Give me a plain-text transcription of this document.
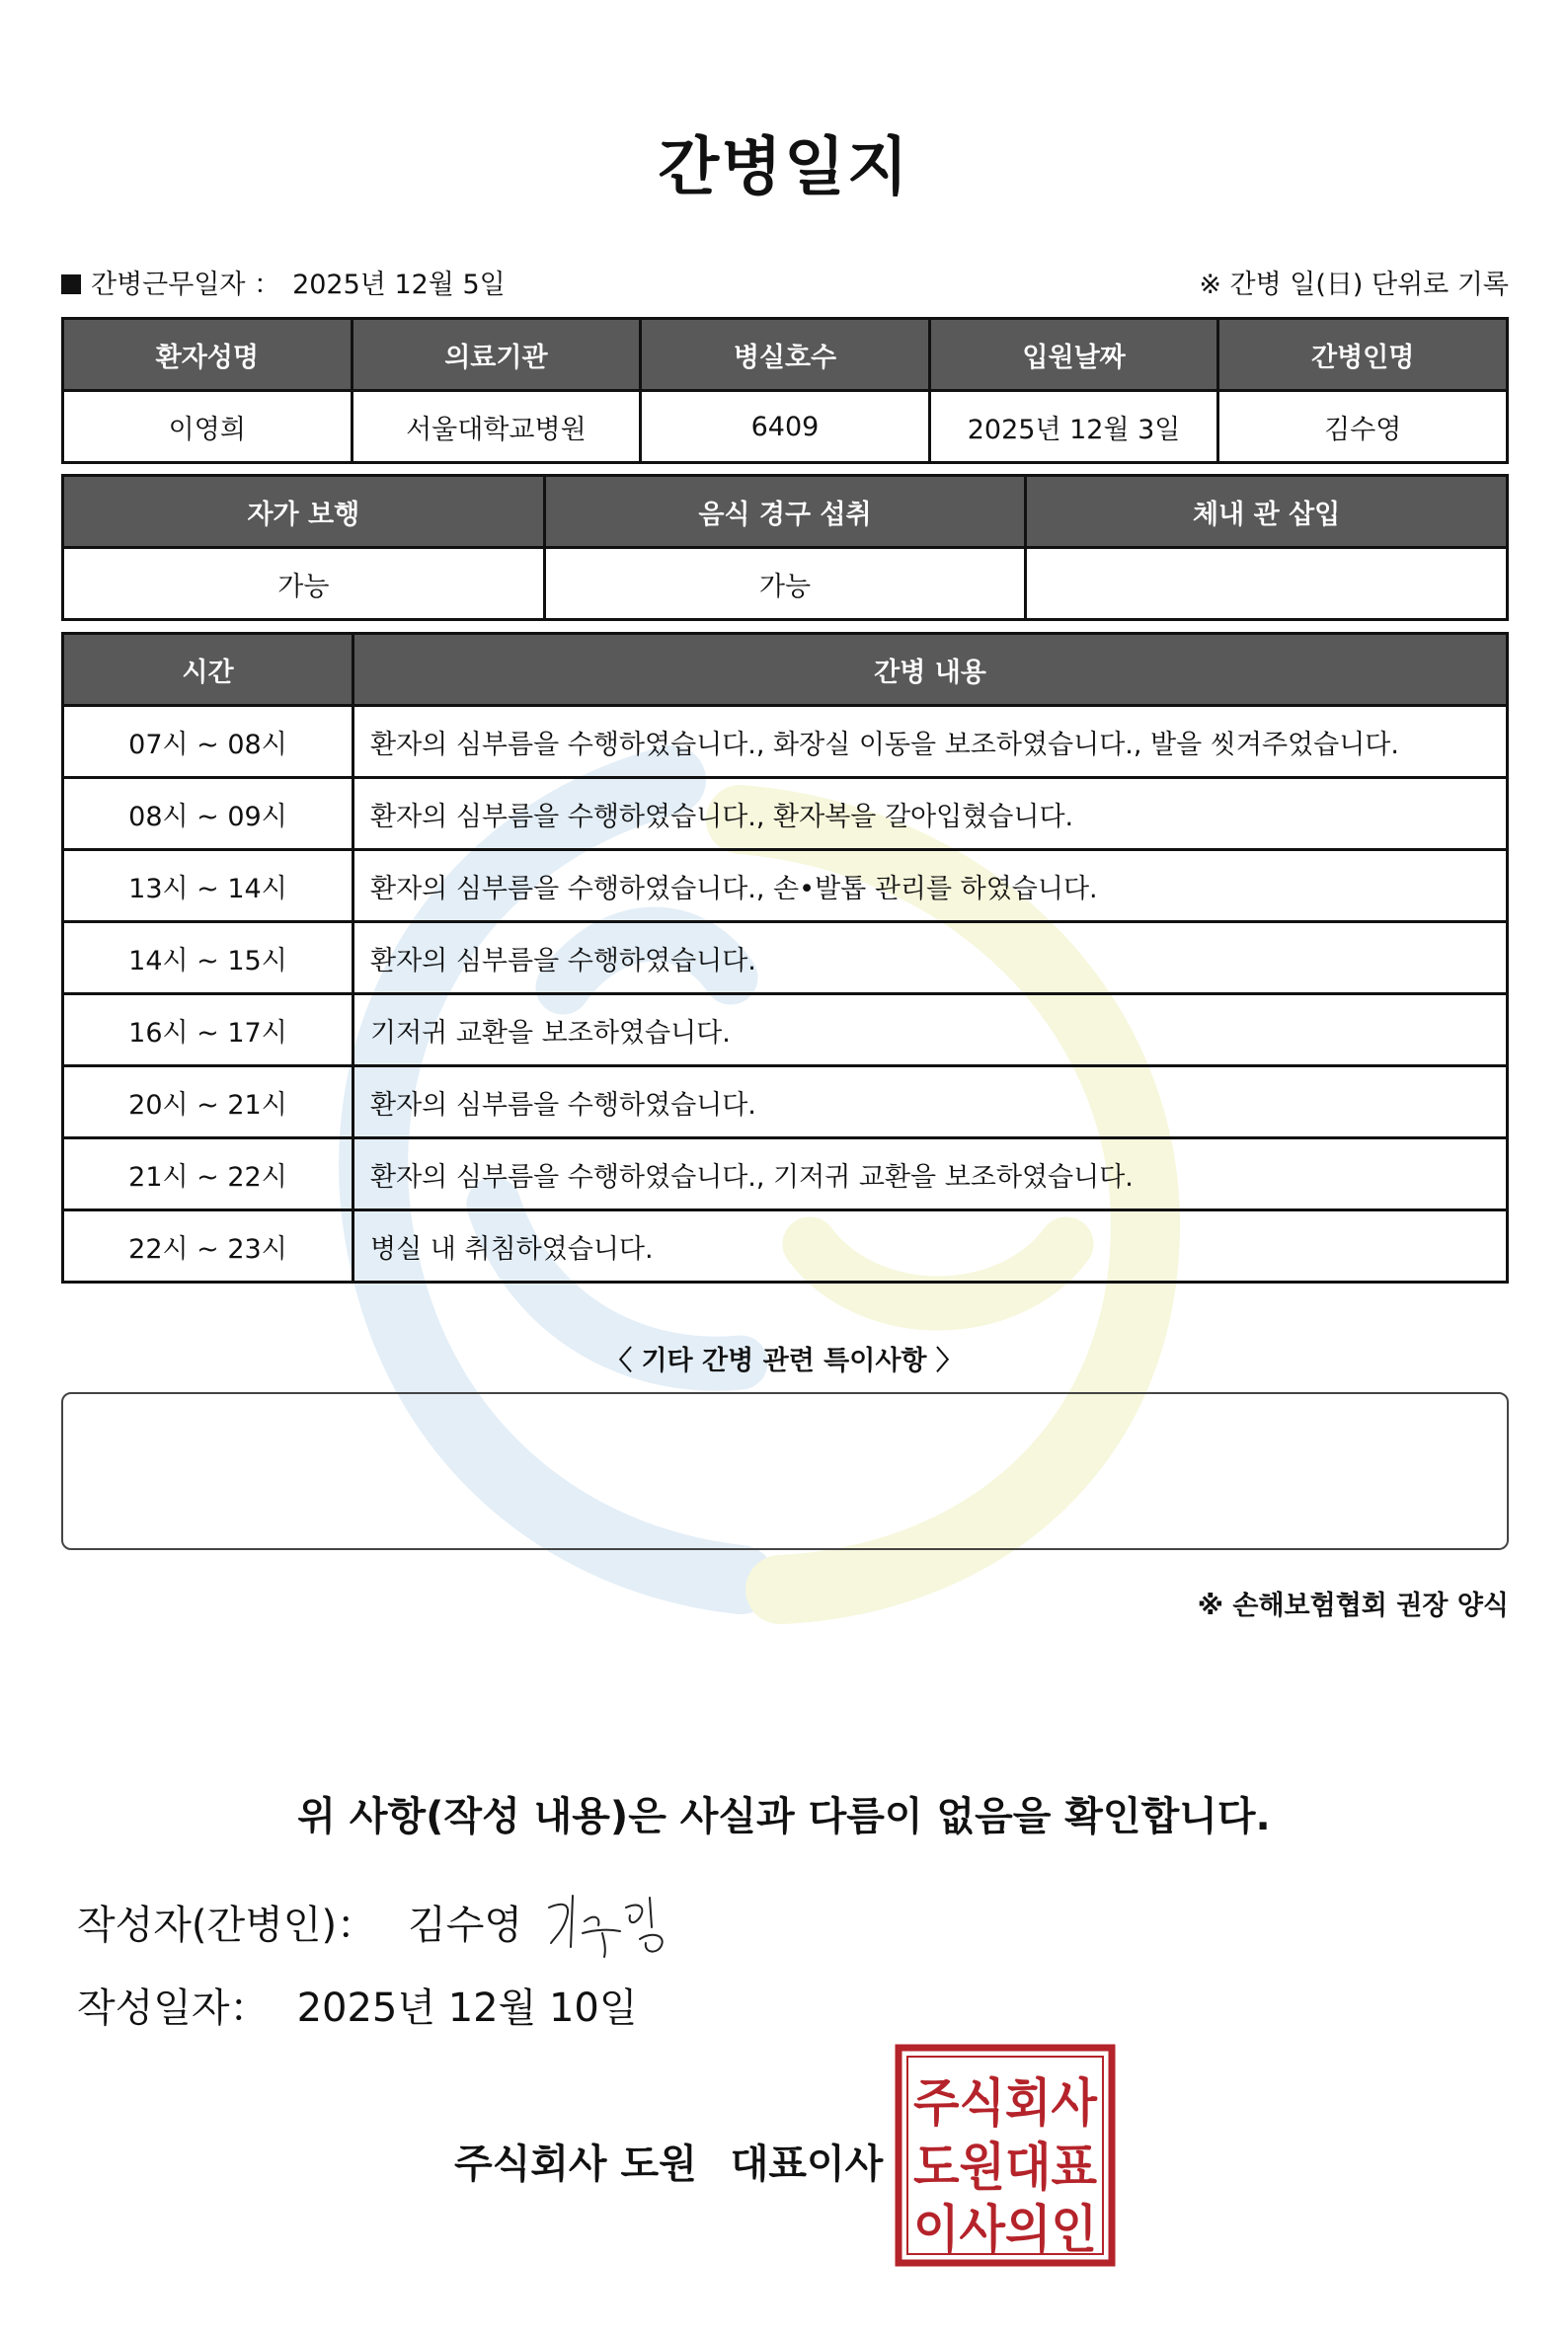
간병일지
간병근무일자 ： 2025년 12월 5일	※ 간병 일(日) 단위로 기록
환자성명	의료기관	병실호수	입원날짜	간병인명
이영희	서울대학교병원	6409	2025년 12월 3일	김수영
자가 보행	음식 경구 섭취	체내 관 삽입
가능	가능	
시간	간병 내용
07시 ~ 08시	환자의 심부름을 수행하였습니다., 화장실 이동을 보조하였습니다., 발을 씻겨주었습니다.
08시 ~ 09시	환자의 심부름을 수행하였습니다., 환자복을 갈아입혔습니다.
13시 ~ 14시	환자의 심부름을 수행하였습니다., 손•발톱 관리를 하였습니다.
14시 ~ 15시	환자의 심부름을 수행하였습니다.
16시 ~ 17시	기저귀 교환을 보조하였습니다.
20시 ~ 21시	환자의 심부름을 수행하였습니다.
21시 ~ 22시	환자의 심부름을 수행하였습니다., 기저귀 교환을 보조하였습니다.
22시 ~ 23시	병실 내 취침하였습니다.
〈 기타 간병 관련 특이사항 〉
※ 손해보험협회 권장 양식
위 사항(작성 내용)은 사실과 다름이 없음을 확인합니다.
작성자(간병인)： 김수영
작성일자： 2025년 12월 10일
주식회사 도원 대표이사
주식회사
도원대표
이사의인
